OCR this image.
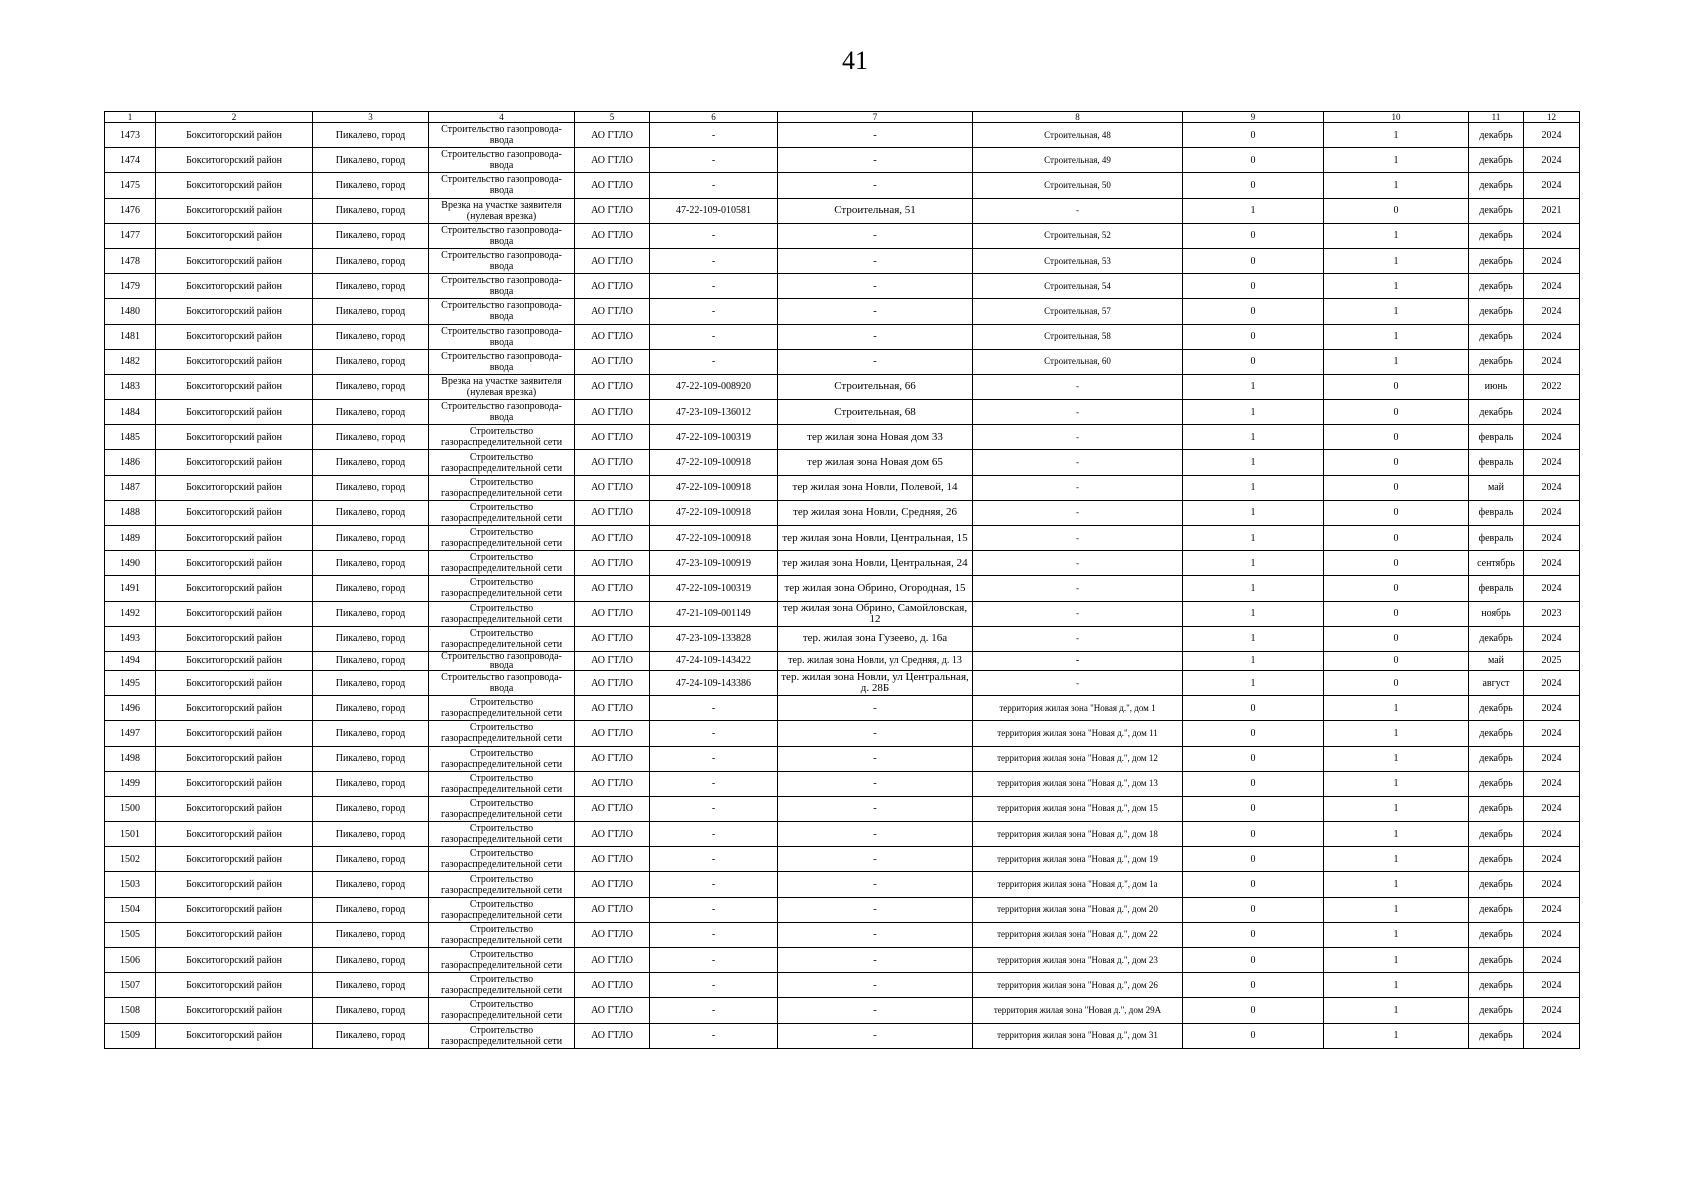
41
1	2	3	4	5	6	7	8	9	10	11	12
1473	Бокситогорский район	Пикалево, город	Строительство газопровода-ввода	АО ГТЛО	-	-	Строительная, 48	0	1	декабрь	2024
1474	Бокситогорский район	Пикалево, город	Строительство газопровода-ввода	АО ГТЛО	-	-	Строительная, 49	0	1	декабрь	2024
1475	Бокситогорский район	Пикалево, город	Строительство газопровода-ввода	АО ГТЛО	-	-	Строительная, 50	0	1	декабрь	2024
1476	Бокситогорский район	Пикалево, город	Врезка на участке заявителя (нулевая врезка)	АО ГТЛО	47-22-109-010581	Строительная, 51	-	1	0	декабрь	2021
1477	Бокситогорский район	Пикалево, город	Строительство газопровода-ввода	АО ГТЛО	-	-	Строительная, 52	0	1	декабрь	2024
1478	Бокситогорский район	Пикалево, город	Строительство газопровода-ввода	АО ГТЛО	-	-	Строительная, 53	0	1	декабрь	2024
1479	Бокситогорский район	Пикалево, город	Строительство газопровода-ввода	АО ГТЛО	-	-	Строительная, 54	0	1	декабрь	2024
1480	Бокситогорский район	Пикалево, город	Строительство газопровода-ввода	АО ГТЛО	-	-	Строительная, 57	0	1	декабрь	2024
1481	Бокситогорский район	Пикалево, город	Строительство газопровода-ввода	АО ГТЛО	-	-	Строительная, 58	0	1	декабрь	2024
1482	Бокситогорский район	Пикалево, город	Строительство газопровода-ввода	АО ГТЛО	-	-	Строительная, 60	0	1	декабрь	2024
1483	Бокситогорский район	Пикалево, город	Врезка на участке заявителя (нулевая врезка)	АО ГТЛО	47-22-109-008920	Строительная, 66	-	1	0	июнь	2022
1484	Бокситогорский район	Пикалево, город	Строительство газопровода-ввода	АО ГТЛО	47-23-109-136012	Строительная, 68	-	1	0	декабрь	2024
1485	Бокситогорский район	Пикалево, город	Строительство газораспределительной сети	АО ГТЛО	47-22-109-100319	тер жилая зона Новая дом 33	-	1	0	февраль	2024
1486	Бокситогорский район	Пикалево, город	Строительство газораспределительной сети	АО ГТЛО	47-22-109-100918	тер жилая зона Новая дом 65	-	1	0	февраль	2024
1487	Бокситогорский район	Пикалево, город	Строительство газораспределительной сети	АО ГТЛО	47-22-109-100918	тер жилая зона Новли, Полевой, 14	-	1	0	май	2024
1488	Бокситогорский район	Пикалево, город	Строительство газораспределительной сети	АО ГТЛО	47-22-109-100918	тер жилая зона Новли, Средняя, 26	-	1	0	февраль	2024
1489	Бокситогорский район	Пикалево, город	Строительство газораспределительной сети	АО ГТЛО	47-22-109-100918	тер жилая зона Новли, Центральная, 15	-	1	0	февраль	2024
1490	Бокситогорский район	Пикалево, город	Строительство газораспределительной сети	АО ГТЛО	47-23-109-100919	тер жилая зона Новли, Центральная, 24	-	1	0	сентябрь	2024
1491	Бокситогорский район	Пикалево, город	Строительство газораспределительной сети	АО ГТЛО	47-22-109-100319	тер жилая зона Обрино, Огородная, 15	-	1	0	февраль	2024
1492	Бокситогорский район	Пикалево, город	Строительство газораспределительной сети	АО ГТЛО	47-21-109-001149	тер жилая зона Обрино, Самойловская, 12	-	1	0	ноябрь	2023
1493	Бокситогорский район	Пикалево, город	Строительство газораспределительной сети	АО ГТЛО	47-23-109-133828	тер. жилая зона Гузеево, д. 16а	-	1	0	декабрь	2024
1494	Бокситогорский район	Пикалево, город	Строительство газопровода-ввода	АО ГТЛО	47-24-109-143422	тер. жилая зона Новли, ул Средняя, д. 13	-	1	0	май	2025
1495	Бокситогорский район	Пикалево, город	Строительство газопровода-ввода	АО ГТЛО	47-24-109-143386	тер. жилая зона Новли, ул Центральная, д. 28Б	-	1	0	август	2024
1496	Бокситогорский район	Пикалево, город	Строительство газораспределительной сети	АО ГТЛО	-	-	территория жилая зона "Новая д.", дом 1	0	1	декабрь	2024
1497	Бокситогорский район	Пикалево, город	Строительство газораспределительной сети	АО ГТЛО	-	-	территория жилая зона "Новая д.", дом 11	0	1	декабрь	2024
1498	Бокситогорский район	Пикалево, город	Строительство газораспределительной сети	АО ГТЛО	-	-	территория жилая зона "Новая д.", дом 12	0	1	декабрь	2024
1499	Бокситогорский район	Пикалево, город	Строительство газораспределительной сети	АО ГТЛО	-	-	территория жилая зона "Новая д.", дом 13	0	1	декабрь	2024
1500	Бокситогорский район	Пикалево, город	Строительство газораспределительной сети	АО ГТЛО	-	-	территория жилая зона "Новая д.", дом 15	0	1	декабрь	2024
1501	Бокситогорский район	Пикалево, город	Строительство газораспределительной сети	АО ГТЛО	-	-	территория жилая зона "Новая д.", дом 18	0	1	декабрь	2024
1502	Бокситогорский район	Пикалево, город	Строительство газораспределительной сети	АО ГТЛО	-	-	территория жилая зона "Новая д.", дом 19	0	1	декабрь	2024
1503	Бокситогорский район	Пикалево, город	Строительство газораспределительной сети	АО ГТЛО	-	-	территория жилая зона "Новая д.", дом 1а	0	1	декабрь	2024
1504	Бокситогорский район	Пикалево, город	Строительство газораспределительной сети	АО ГТЛО	-	-	территория жилая зона "Новая д.", дом 20	0	1	декабрь	2024
1505	Бокситогорский район	Пикалево, город	Строительство газораспределительной сети	АО ГТЛО	-	-	территория жилая зона "Новая д.", дом 22	0	1	декабрь	2024
1506	Бокситогорский район	Пикалево, город	Строительство газораспределительной сети	АО ГТЛО	-	-	территория жилая зона "Новая д.", дом 23	0	1	декабрь	2024
1507	Бокситогорский район	Пикалево, город	Строительство газораспределительной сети	АО ГТЛО	-	-	территория жилая зона "Новая д.", дом 26	0	1	декабрь	2024
1508	Бокситогорский район	Пикалево, город	Строительство газораспределительной сети	АО ГТЛО	-	-	территория жилая зона "Новая д.", дом 29А	0	1	декабрь	2024
1509	Бокситогорский район	Пикалево, город	Строительство газораспределительной сети	АО ГТЛО	-	-	территория жилая зона "Новая д.", дом 31	0	1	декабрь	2024
